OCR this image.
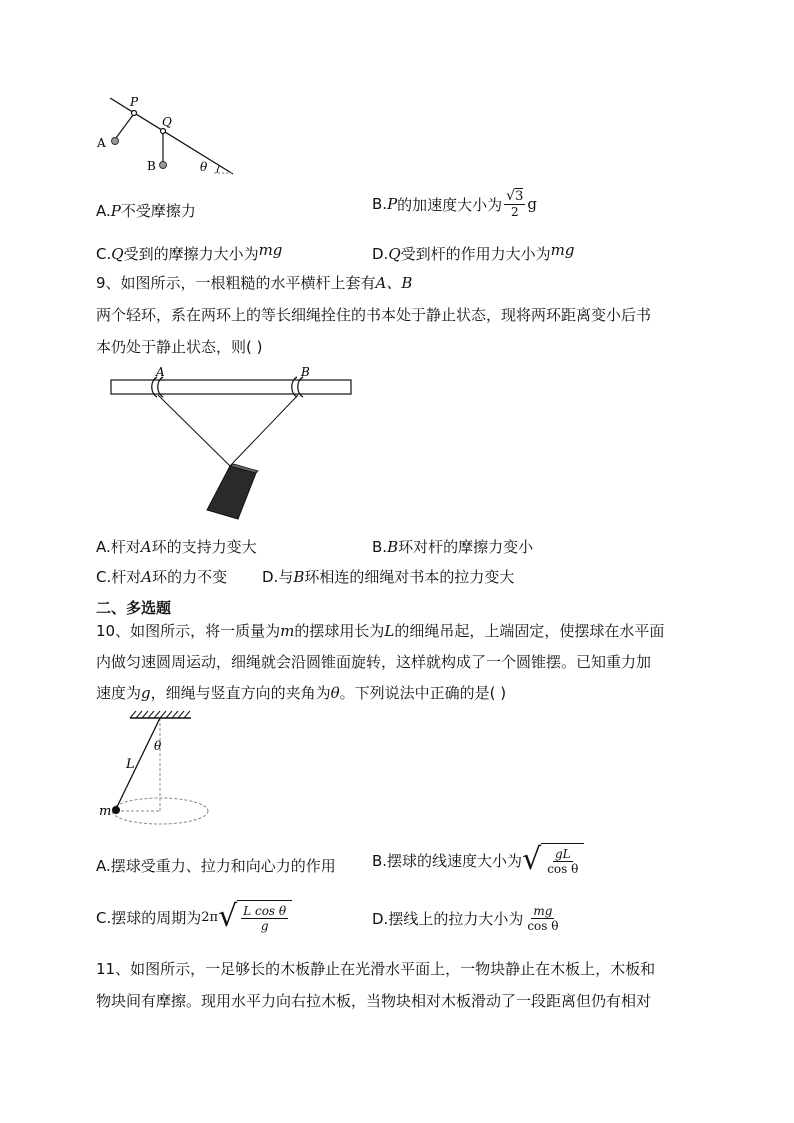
P
Q
A
B	θ
A.P不受摩擦力	B. P 的加速度大小为 $\frac{√3}{2}$ g
C.Q受到的摩擦力大小为mg	D.Q受到杆的作用力大小为mg
9、如图所示，一根粗糙的水平横杆上套有A、B
两个轻环，系在两环上的等长细绳拴住的书本处于静止状态，现将两环距离变小后书
本仍处于静止状态，则( )
A	B
A.杆对A环的支持力变大	B.B环对杆的摩擦力变小
C.杆对A环的力不变 D.与B环相连的细绳对书本的拉力变大
二、多选题
10、如图所示，将一质量为m的摆球用长为L的细绳吊起，上端固定，使摆球在水平面
内做匀速圆周运动，细绳就会沿圆锥面旋转，这样就构成了一个圆锥摆。已知重力加
速度为g，细绳与竖直方向的夹角为θ。下列说法中正确的是( )
θ
L
m
A.摆球受重力、拉力和向心力的作用 B.摆球的线速度大小为 √ $\frac{gL}{\text{cos θ}}$
C.摆球的周期为 2π √ $\frac{\text{L cos θ}}{g}$	D.摆线上的拉力大小为 $\frac{mg}{\text{cos θ}}$
11、如图所示，一足够长的木板静止在光滑水平面上，一物块静止在木板上，木板和
物块间有摩擦。现用水平力向右拉木板，当物块相对木板滑动了一段距离但仍有相对
